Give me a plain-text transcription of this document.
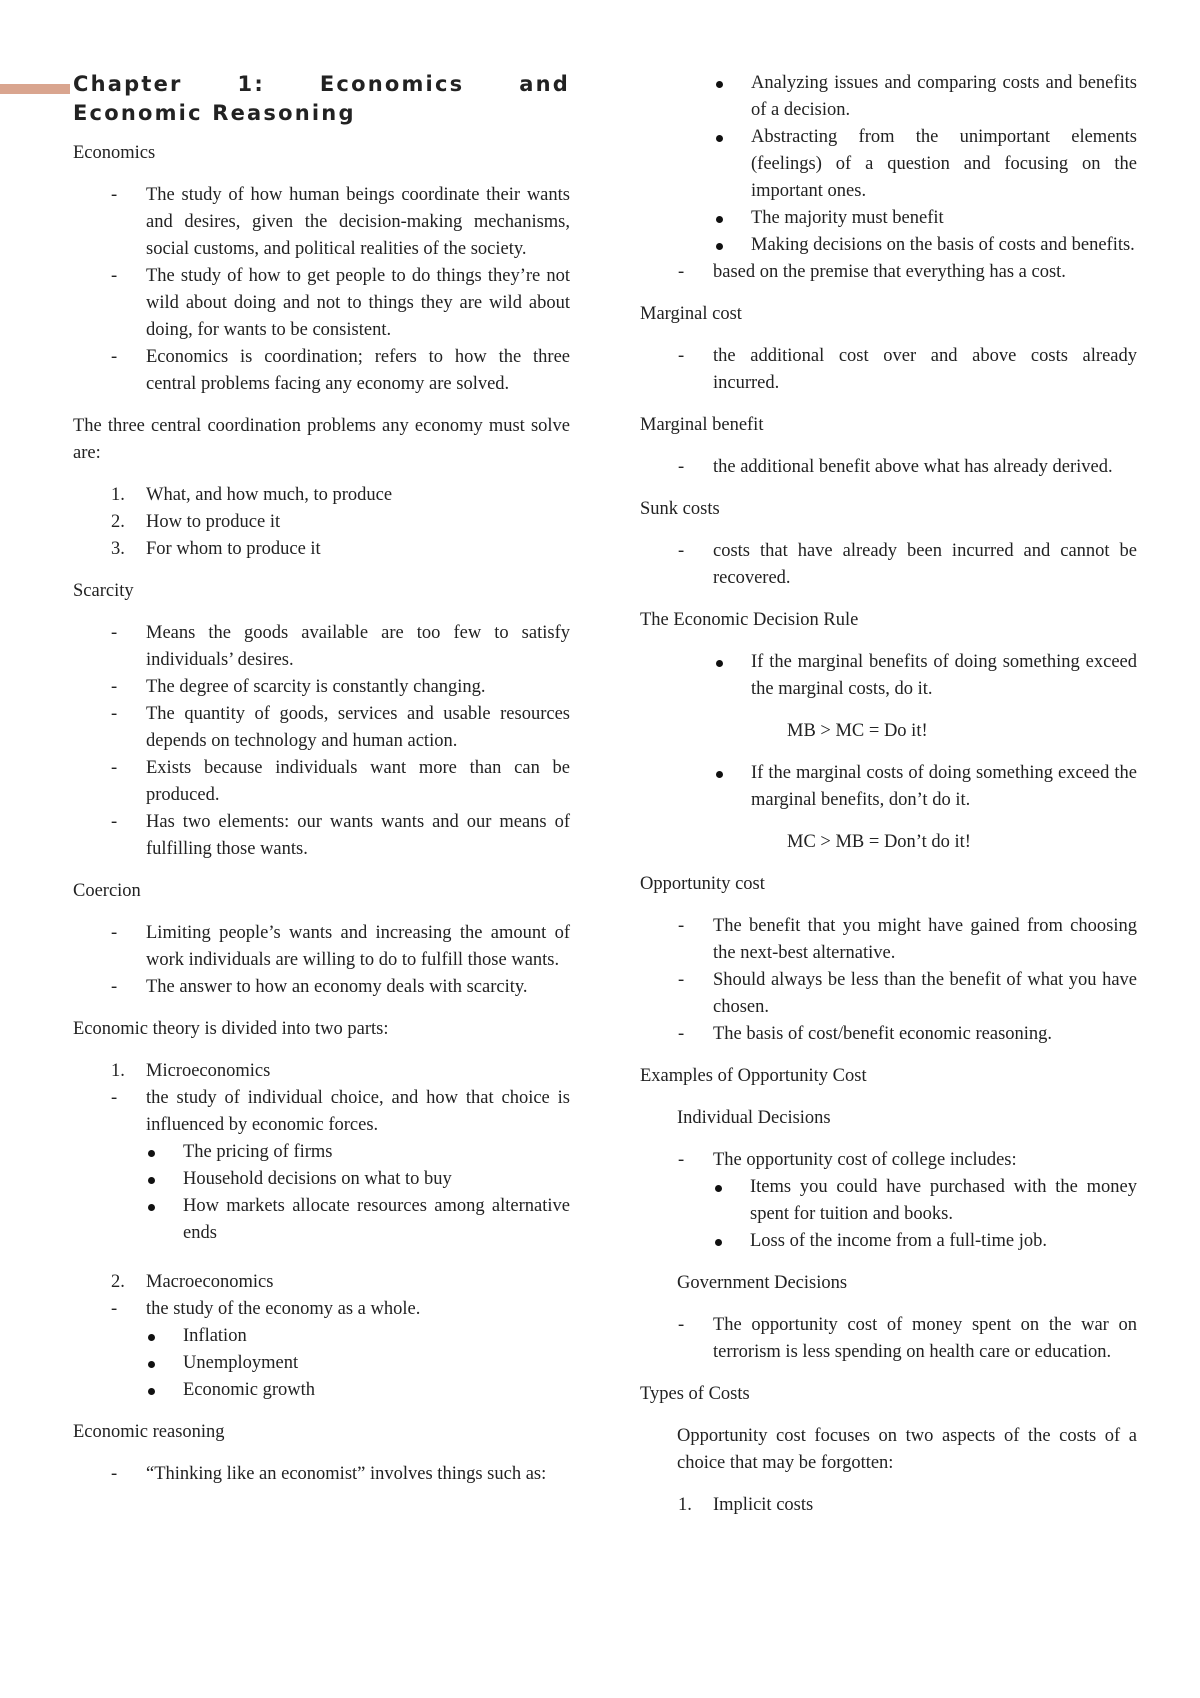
Chapter 1: Economics and Economic Reasoning
Economics
- The study of how human beings coordinate their wants and desires, given the decision-making mechanisms, social customs, and political realities of the society.
- The study of how to get people to do things they’re not wild about doing and not to things they are wild about doing, for wants to be consistent.
- Economics is coordination; refers to how the three central problems facing any economy are solved.
The three central coordination problems any economy must solve are:
1. What, and how much, to produce
2. How to produce it
3. For whom to produce it
Scarcity
- Means the goods available are too few to satisfy individuals’ desires.
- The degree of scarcity is constantly changing.
- The quantity of goods, services and usable resources depends on technology and human action.
- Exists because individuals want more than can be produced.
- Has two elements: our wants wants and our means of fulfilling those wants.
Coercion
- Limiting people’s wants and increasing the amount of work individuals are willing to do to fulfill those wants.
- The answer to how an economy deals with scarcity.
Economic theory is divided into two parts:
1. Microeconomics
- the study of individual choice, and how that choice is influenced by economic forces.
The pricing of firms
Household decisions on what to buy
How markets allocate resources among alternative ends
2. Macroeconomics
- the study of the economy as a whole.
Inflation
Unemployment
Economic growth
Economic reasoning
- “Thinking like an economist” involves things such as:
Analyzing issues and comparing costs and benefits of a decision.
Abstracting from the unimportant elements (feelings) of a question and focusing on the important ones.
The majority must benefit
Making decisions on the basis of costs and benefits.
- based on the premise that everything has a cost.
Marginal cost
- the additional cost over and above costs already incurred.
Marginal benefit
- the additional benefit above what has already derived.
Sunk costs
- costs that have already been incurred and cannot be recovered.
The Economic Decision Rule
If the marginal benefits of doing something exceed the marginal costs, do it.
MB > MC = Do it!
If the marginal costs of doing something exceed the marginal benefits, don’t do it.
MC > MB = Don’t do it!
Opportunity cost
- The benefit that you might have gained from choosing the next-best alternative.
- Should always be less than the benefit of what you have chosen.
- The basis of cost/benefit economic reasoning.
Examples of Opportunity Cost
Individual Decisions
- The opportunity cost of college includes:
Items you could have purchased with the money spent for tuition and books.
Loss of the income from a full-time job.
Government Decisions
- The opportunity cost of money spent on the war on terrorism is less spending on health care or education.
Types of Costs
Opportunity cost focuses on two aspects of the costs of a choice that may be forgotten:
1. Implicit costs
